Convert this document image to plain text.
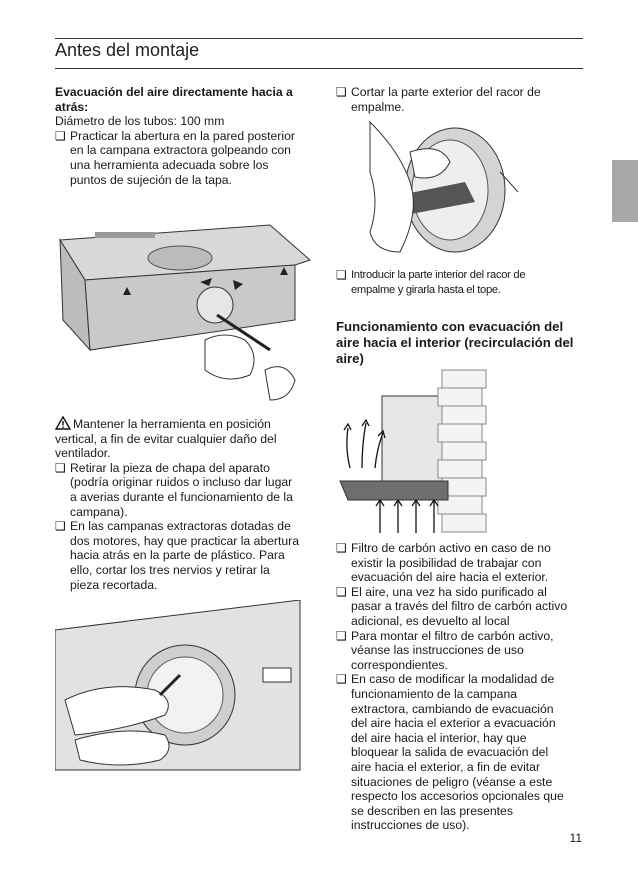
Antes del montaje

Evacuación del aire directamente hacia a atrás:

Diámetro de los tubos: 100 mm

❑ Practicar la abertura en la pared posterior en la campana extractora golpeando con una herramienta adecuada sobre los puntos de sujeción de la tapa.

Mantener la herramienta en posición vertical, a fin de evitar cualquier daño del ventilador.

❑ Retirar la pieza de chapa del aparato (podría originar ruidos o incluso dar lugar a averias durante el funcionamiento de la campana).
❑ En las campanas extractoras dotadas de dos motores, hay que practicar la abertura hacia atrás en la parte de plástico. Para ello, cortar los tres nervios y retirar la pieza recortada.
❑ Cortar la parte exterior del racor de empalme.
❑ Introducir la parte interior del racor de empalme y girarla hasta el tope.

Funcionamiento con evacuación del aire hacia el interior (recirculación del aire)

❑ Filtro de carbón activo en caso de no existir la posibilidad de trabajar con evacuación del aire hacia el exterior.
❑ El aire, una vez ha sido purificado al pasar a través del filtro de carbón activo adicional, es devuelto al local
❑ Para montar el filtro de carbón activo, véanse las instrucciones de uso correspondientes.
❑ En caso de modificar la modalidad de funcionamiento de la campana extractora, cambiando de evacuación del aire hacia el exterior a evacuación del aire hacia el interior, hay que bloquear la salida de evacuación del aire hacia el exterior, a fin de evitar situaciones de peligro (véanse a este respecto los accesorios opcionales que se describen en las presentes instrucciones de uso).
11
